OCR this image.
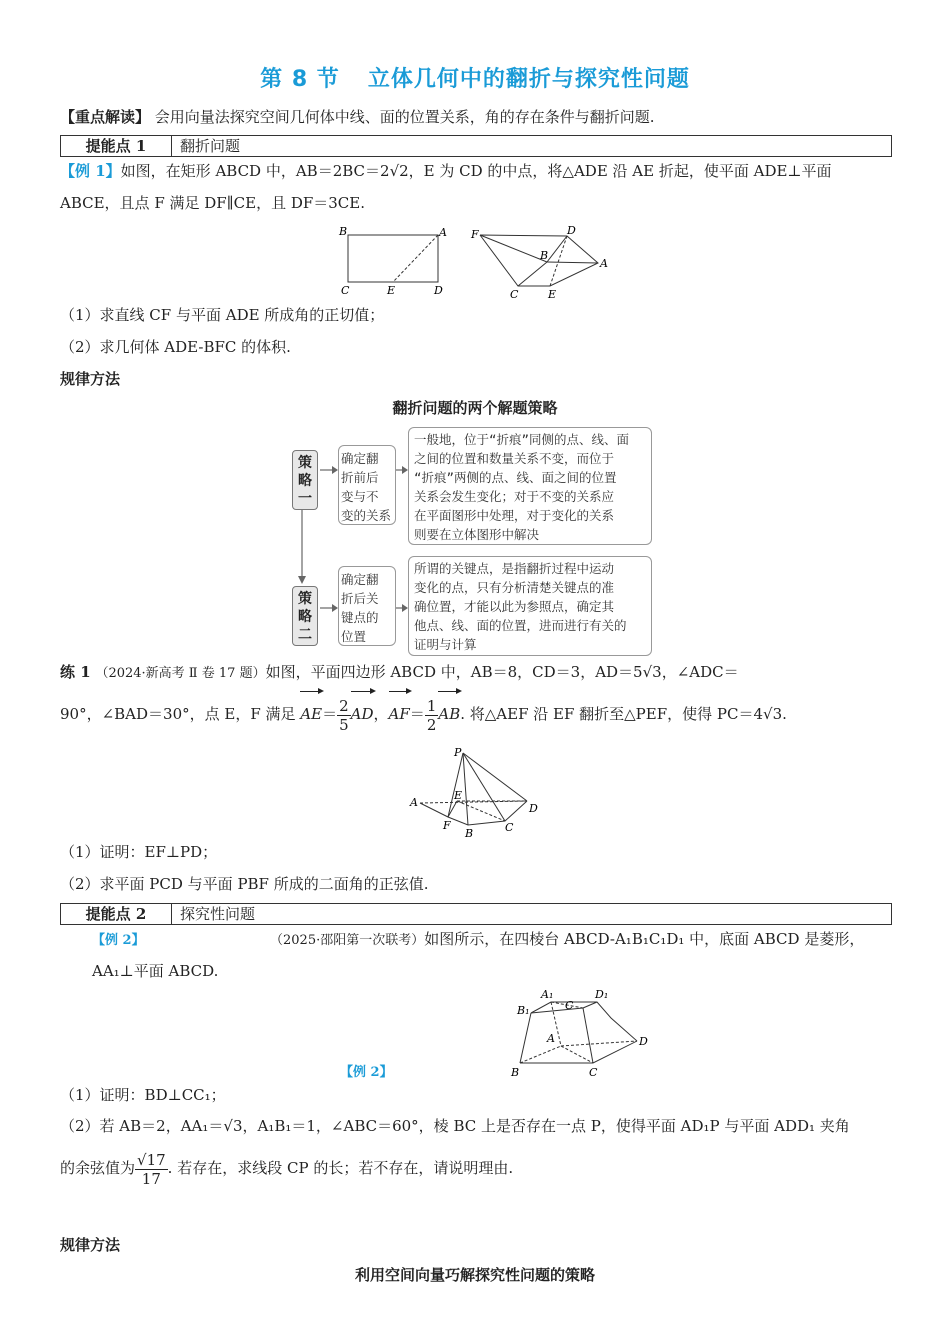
第 8 节 立体几何中的翻折与探究性问题
【重点解读】 会用向量法探究空间几何体中线、面的位置关系，角的存在条件与翻折问题.
提能点 1	翻折问题
【例 1】如图，在矩形 ABCD 中，AB＝2BC＝2√2，E 为 CD 的中点，将△ADE 沿 AE 折起，使平面 ADE⊥平面
ABCE，且点 F 满足 DF∥CE，且 DF＝3CE.
B	A
C	E	D
F	D
B
A
C	E
（1）求直线 CF 与平面 ADE 所成角的正切值；
（2）求几何体 ADE-BFC 的体积.
规律方法
翻折问题的两个解题策略
策
略
一
确定翻
折前后
变与不
变的关系
一般地，位于“折痕”同侧的点、线、面
之间的位置和数量关系不变，而位于
“折痕”两侧的点、线、面之间的位置
关系会发生变化；对于不变的关系应
在平面图形中处理，对于变化的关系
则要在立体图形中解决
策
略
二
确定翻
折后关
键点的
位置
所谓的关键点，是指翻折过程中运动
变化的点，只有分析清楚关键点的准
确位置，才能以此为参照点，确定其
他点、线、面的位置，进而进行有关的
证明与计算
练 1 （2024·新高考 Ⅱ 卷 17 题）如图，平面四边形 ABCD 中，AB＝8，CD＝3，AD＝5√3，∠ADC＝
90°，∠BAD＝30°，点 E，F 满足 $AE= \frac{2}{5}$ AD，$AF= \frac{1}{2}$ AB. 将△AEF 沿 EF 翻折至△PEF，使得 PC＝4√3.
P
A
E
F
B	C
D
（1）证明：EF⊥PD；
（2）求平面 PCD 与平面 PBF 所成的二面角的正弦值.
提能点 2	探究性问题
【例 2】	（2025·邵阳第一次联考）如图所示，在四棱台 ABCD-A₁B₁C₁D₁ 中，底面 ABCD 是菱形，
AA₁⊥平面 ABCD.
A₁
C
D₁
B₁
A	D
B	C
【例 2】
（1）证明：BD⊥CC₁；
（2）若 AB＝2，AA₁＝√3，A₁B₁＝1，∠ABC＝60°，棱 BC 上是否存在一点 P，使得平面 AD₁P 与平面 ADD₁ 夹角
的余弦值为 $\frac{√17}{17}$ . 若存在，求线段 CP 的长；若不存在，请说明理由.
规律方法
利用空间向量巧解探究性问题的策略
